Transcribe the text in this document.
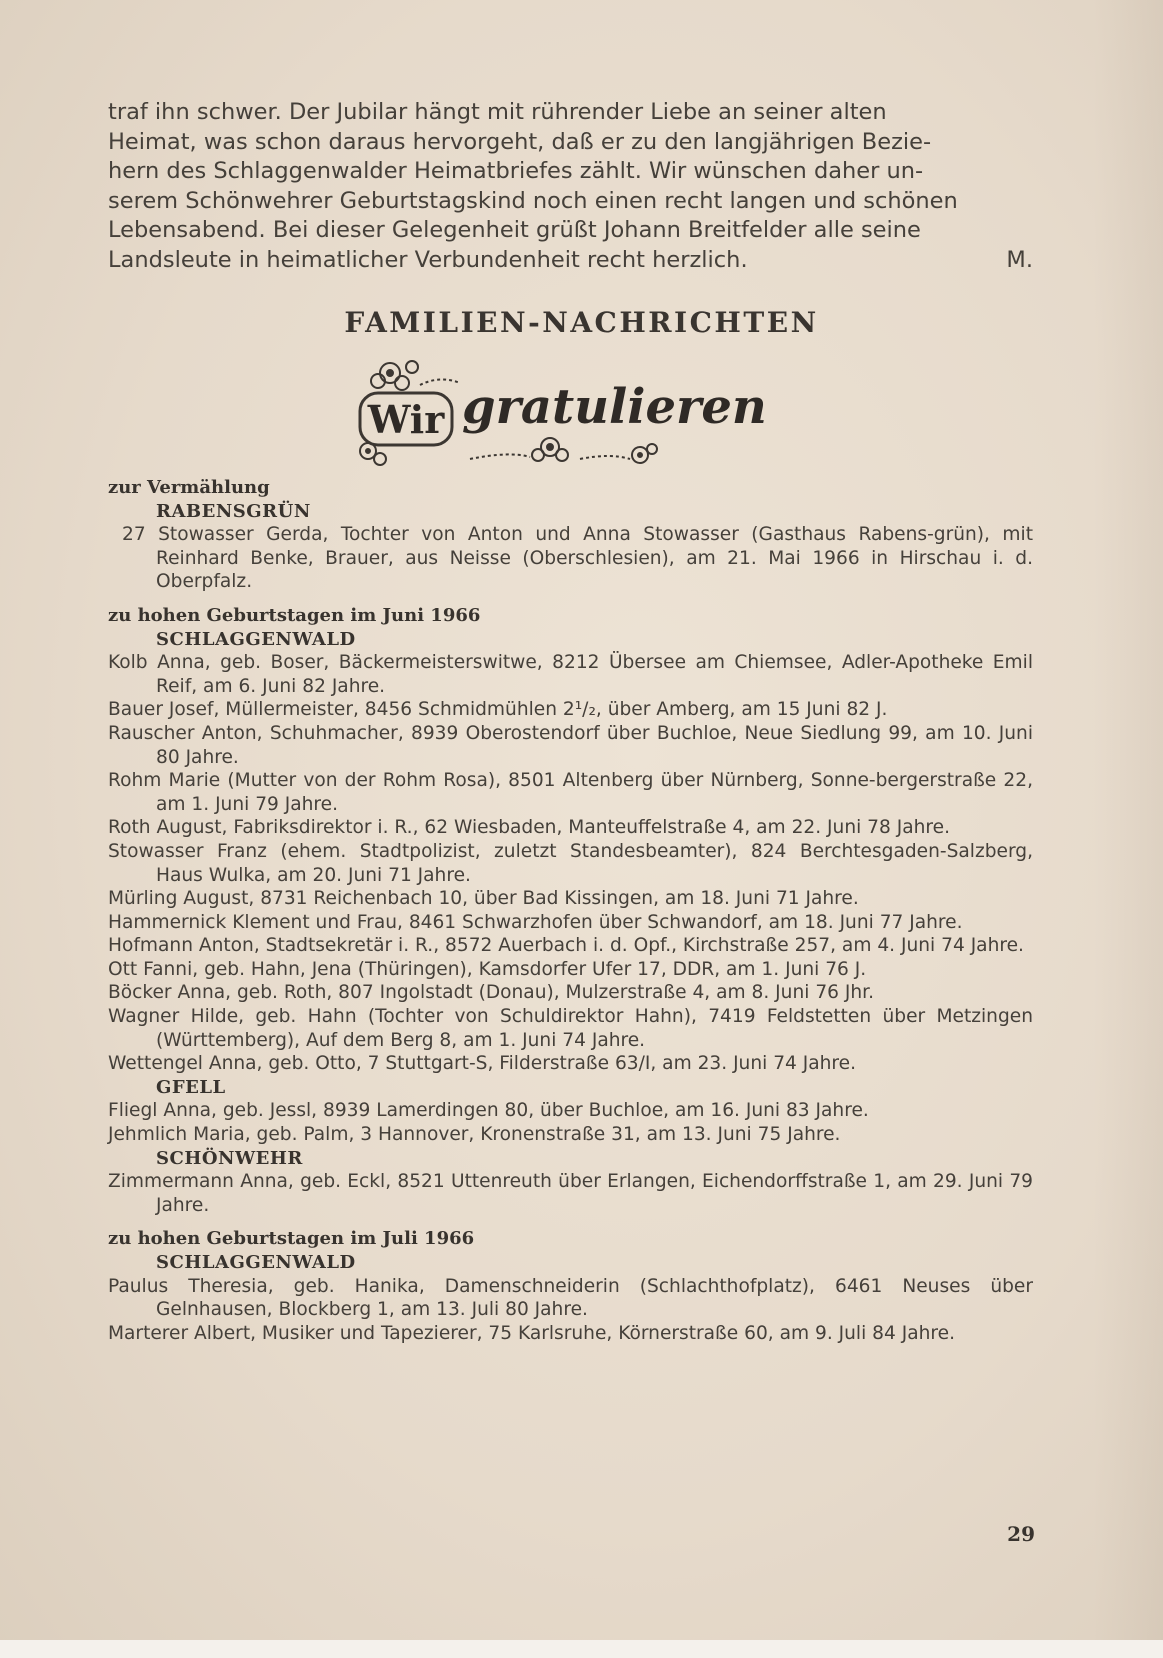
traf ihn schwer. Der Jubilar hängt mit rührender Liebe an seiner alten
Heimat, was schon daraus hervorgeht, daß er zu den langjährigen Bezie-
hern des Schlaggenwalder Heimatbriefes zählt. Wir wünschen daher un-
serem Schönwehrer Geburtstagskind noch einen recht langen und schönen
Lebensabend. Bei dieser Gelegenheit grüßt Johann Breitfelder alle seine
Landsleute in heimatlicher Verbundenheit recht herzlich.	M.
FAMILIEN-NACHRICHTEN
Wir gratulieren
zur Vermählung
RABENSGRÜN
27 Stowasser Gerda, Tochter von Anton und Anna Stowasser (Gasthaus Rabens-grün), mit Reinhard Benke, Brauer, aus Neisse (Oberschlesien), am 21. Mai 1966 in Hirschau i. d. Oberpfalz.
zu hohen Geburtstagen im Juni 1966
SCHLAGGENWALD
Kolb Anna, geb. Boser, Bäckermeisterswitwe, 8212 Übersee am Chiemsee, Adler-Apotheke Emil Reif, am 6. Juni 82 Jahre.
Bauer Josef, Müllermeister, 8456 Schmidmühlen 2¹/₂, über Amberg, am 15 Juni 82 J.
Rauscher Anton, Schuhmacher, 8939 Oberostendorf über Buchloe, Neue Siedlung 99, am 10. Juni 80 Jahre.
Rohm Marie (Mutter von der Rohm Rosa), 8501 Altenberg über Nürnberg, Sonne-bergerstraße 22, am 1. Juni 79 Jahre.
Roth August, Fabriksdirektor i. R., 62 Wiesbaden, Manteuffelstraße 4, am 22. Juni 78 Jahre.
Stowasser Franz (ehem. Stadtpolizist, zuletzt Standesbeamter), 824 Berchtesgaden-Salzberg, Haus Wulka, am 20. Juni 71 Jahre.
Mürling August, 8731 Reichenbach 10, über Bad Kissingen, am 18. Juni 71 Jahre.
Hammernick Klement und Frau, 8461 Schwarzhofen über Schwandorf, am 18. Juni 77 Jahre.
Hofmann Anton, Stadtsekretär i. R., 8572 Auerbach i. d. Opf., Kirchstraße 257, am 4. Juni 74 Jahre.
Ott Fanni, geb. Hahn, Jena (Thüringen), Kamsdorfer Ufer 17, DDR, am 1. Juni 76 J.
Böcker Anna, geb. Roth, 807 Ingolstadt (Donau), Mulzerstraße 4, am 8. Juni 76 Jhr.
Wagner Hilde, geb. Hahn (Tochter von Schuldirektor Hahn), 7419 Feldstetten über Metzingen (Württemberg), Auf dem Berg 8, am 1. Juni 74 Jahre.
Wettengel Anna, geb. Otto, 7 Stuttgart-S, Filderstraße 63/I, am 23. Juni 74 Jahre.
GFELL
Fliegl Anna, geb. Jessl, 8939 Lamerdingen 80, über Buchloe, am 16. Juni 83 Jahre.
Jehmlich Maria, geb. Palm, 3 Hannover, Kronenstraße 31, am 13. Juni 75 Jahre.
SCHÖNWEHR
Zimmermann Anna, geb. Eckl, 8521 Uttenreuth über Erlangen, Eichendorffstraße 1, am 29. Juni 79 Jahre.
zu hohen Geburtstagen im Juli 1966
SCHLAGGENWALD
Paulus Theresia, geb. Hanika, Damenschneiderin (Schlachthofplatz), 6461 Neuses über Gelnhausen, Blockberg 1, am 13. Juli 80 Jahre.
Marterer Albert, Musiker und Tapezierer, 75 Karlsruhe, Körnerstraße 60, am 9. Juli 84 Jahre.
29
